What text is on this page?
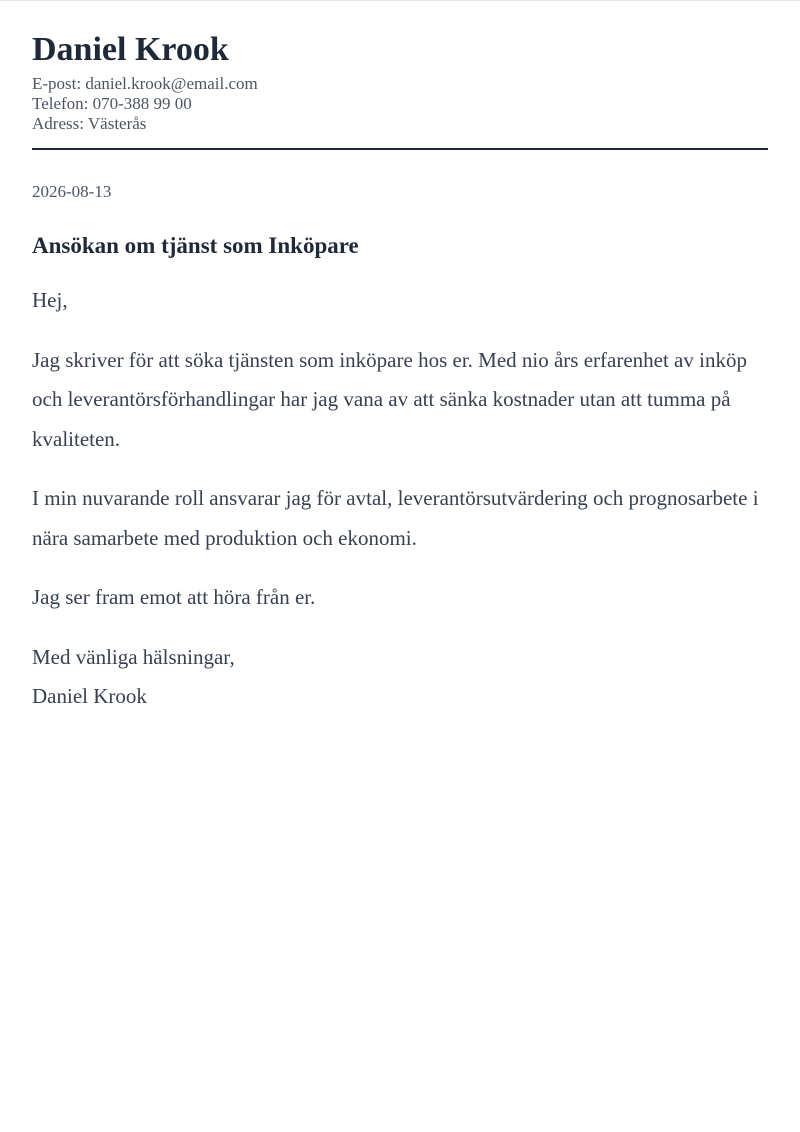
Daniel Krook
E-post: daniel.krook@email.com
Telefon: 070-388 99 00
Adress: Västerås
2026-08-13
Ansökan om tjänst som Inköpare
Hej,
Jag skriver för att söka tjänsten som inköpare hos er. Med nio års erfarenhet av inköp och leverantörsförhandlingar har jag vana av att sänka kostnader utan att tumma på kvaliteten.
I min nuvarande roll ansvarar jag för avtal, leverantörsutvärdering och prognosarbete i nära samarbete med produktion och ekonomi.
Jag ser fram emot att höra från er.
Med vänliga hälsningar,
Daniel Krook
